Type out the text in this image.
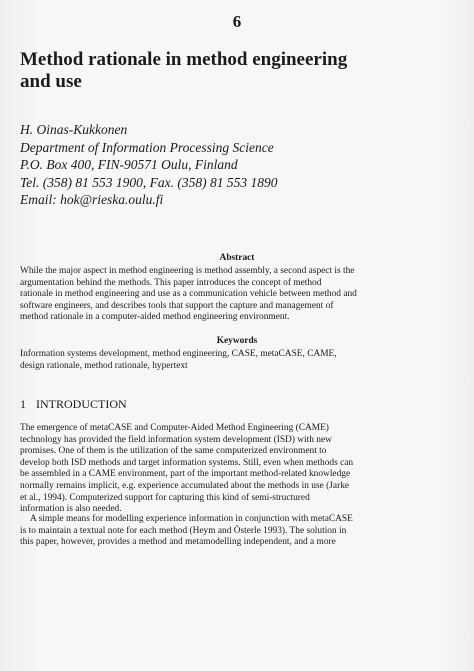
6
Method rationale in method engineering
and use
H. Oinas-Kukkonen
Department of Information Processing Science
P.O. Box 400, FIN-90571 Oulu, Finland
Tel. (358) 81 553 1900, Fax. (358) 81 553 1890
Email: hok@rieska.oulu.fi
Abstract
While the major aspect in method engineering is method assembly, a second aspect is the
argumentation behind the methods. This paper introduces the concept of method
rationale in method engineering and use as a communication vehicle between method and
software engineers, and describes tools that support the capture and management of
method rationale in a computer-aided method engineering environment.
Keywords
Information systems development, method engineering, CASE, metaCASE, CAME,
design rationale, method rationale, hypertext
1 INTRODUCTION
The emergence of metaCASE and Computer-Aided Method Engineering (CAME)
technology has provided the field information system development (ISD) with new
promises. One of them is the utilization of the same computerized environment to
develop both ISD methods and target information systems. Still, even when methods can
be assembled in a CAME environment, part of the important method-related knowledge
normally remains implicit, e.g. experience accumulated about the methods in use (Jarke
et al., 1994). Computerized support for capturing this kind of semi-structured
information is also needed.
A simple means for modelling experience information in conjunction with metaCASE
is to maintain a textual note for each method (Heym and Österle 1993). The solution in
this paper, however, provides a method and metamodelling independent, and a more
